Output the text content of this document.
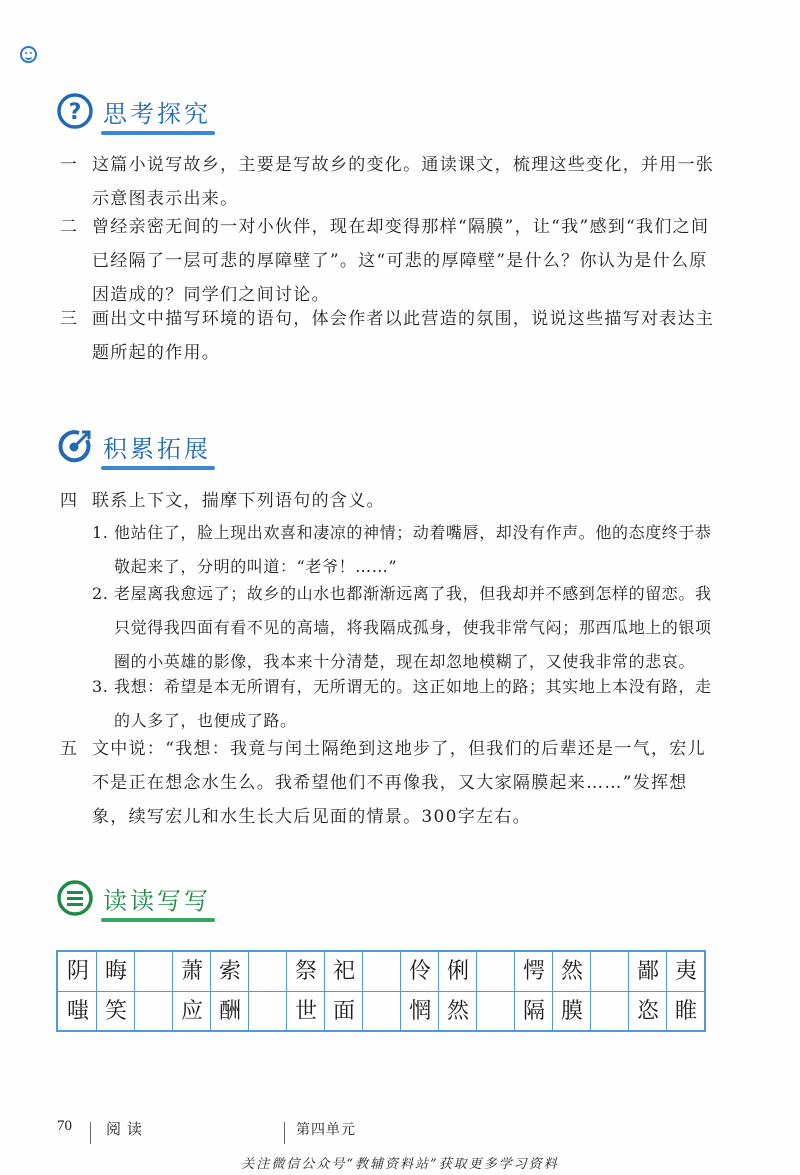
? 思考探究
一 这篇小说写故乡，主要是写故乡的变化。通读课文，梳理这些变化，并用一张示意图表示出来。
二 曾经亲密无间的一对小伙伴，现在却变得那样“隔膜”，让“我”感到“我们之间已经隔了一层可悲的厚障壁了”。这“可悲的厚障壁”是什么？你认为是什么原因造成的？同学们之间讨论。
三 画出文中描写环境的语句，体会作者以此营造的氛围，说说这些描写对表达主题所起的作用。
积累拓展
四 联系上下文，揣摩下列语句的含义。
1. 他站住了，脸上现出欢喜和凄凉的神情；动着嘴唇，却没有作声。他的态度终于恭敬起来了，分明的叫道：“老爷！……”
2. 老屋离我愈远了；故乡的山水也都渐渐远离了我，但我却并不感到怎样的留恋。我只觉得我四面有看不见的高墙，将我隔成孤身，使我非常气闷；那西瓜地上的银项圈的小英雄的影像，我本来十分清楚，现在却忽地模糊了，又使我非常的悲哀。
3. 我想：希望是本无所谓有，无所谓无的。这正如地上的路；其实地上本没有路，走的人多了，也便成了路。
五 文中说：“我想：我竟与闰土隔绝到这地步了，但我们的后辈还是一气，宏儿不是正在想念水生么。我希望他们不再像我，又大家隔膜起来……”发挥想象，续写宏儿和水生长大后见面的情景。300字左右。
读读写写
阴 晦	萧 索	祭 祀	伶 俐	愕 然	鄙 夷
嗤 笑	应 酬	世 面	惘 然	隔 膜	恣 睢
70 阅读	第四单元
关注微信公众号“教辅资料站”获取更多学习资料
